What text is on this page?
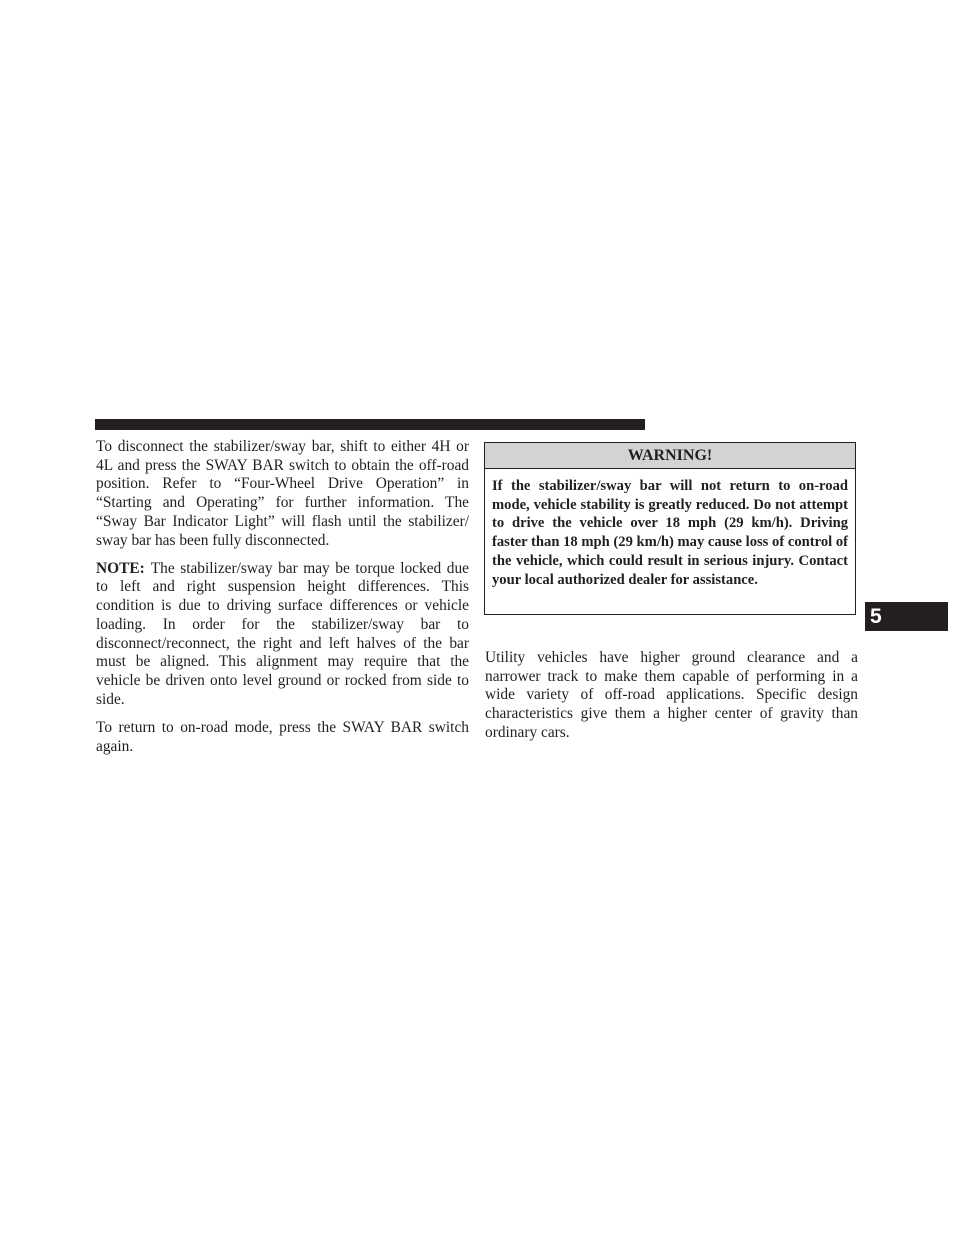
To disconnect the stabilizer/sway bar, shift to either 4H or 4L and press the SWAY BAR switch to obtain the off-road position. Refer to “Four-Wheel Drive Operation” in “Starting and Operating” for further information. The “Sway Bar Indicator Light” will flash until the stabilizer/ sway bar has been fully disconnected.

NOTE: The stabilizer/sway bar may be torque locked due to left and right suspension height differences. This condition is due to driving surface differences or vehicle loading. In order for the stabilizer/sway bar to disconnect/reconnect, the right and left halves of the bar must be aligned. This alignment may require that the vehicle be driven onto level ground or rocked from side to side.

To return to on-road mode, press the SWAY BAR switch again.

WARNING!
If the stabilizer/sway bar will not return to on-road mode, vehicle stability is greatly reduced. Do not attempt to drive the vehicle over 18 mph (29 km/h). Driving faster than 18 mph (29 km/h) may cause loss of control of the vehicle, which could result in serious injury. Contact your local authorized dealer for assistance.

Utility vehicles have higher ground clearance and a narrower track to make them capable of performing in a wide variety of off-road applications. Specific design characteristics give them a higher center of gravity than ordinary cars.

5
